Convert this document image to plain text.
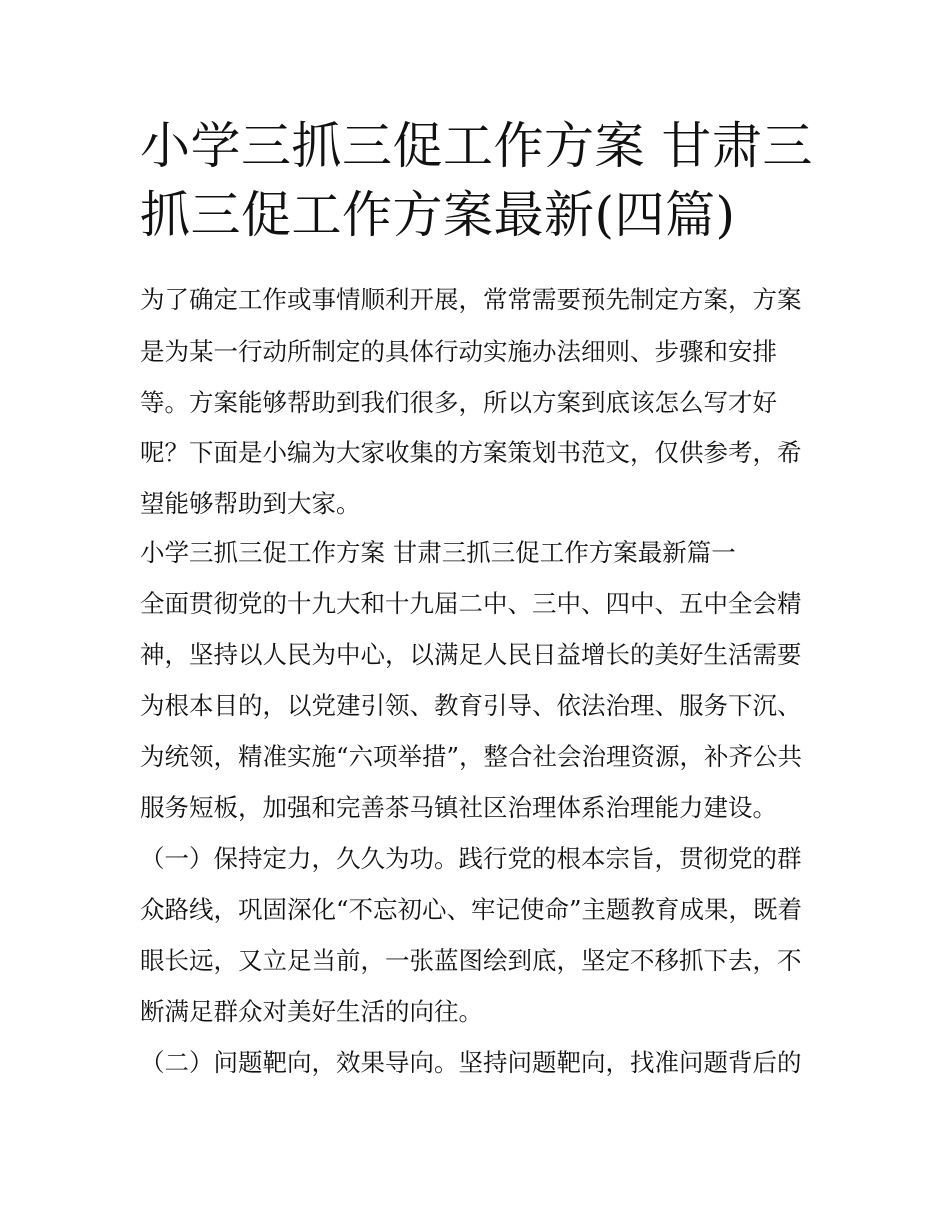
小学三抓三促工作方案 甘肃三
抓三促工作方案最新(四篇)
为了确定工作或事情顺利开展，常常需要预先制定方案，方案
是为某一行动所制定的具体行动实施办法细则、步骤和安排
等。方案能够帮助到我们很多，所以方案到底该怎么写才好
呢？下面是小编为大家收集的方案策划书范文，仅供参考，希
望能够帮助到大家。
小学三抓三促工作方案 甘肃三抓三促工作方案最新篇一
全面贯彻党的十九大和十九届二中、三中、四中、五中全会精
神，坚持以人民为中心，以满足人民日益增长的美好生活需要
为根本目的，以党建引领、教育引导、依法治理、服务下沉、
为统领，精准实施“六项举措”，整合社会治理资源，补齐公共
服务短板，加强和完善茶马镇社区治理体系治理能力建设。
（一）保持定力，久久为功。践行党的根本宗旨，贯彻党的群
众路线，巩固深化“不忘初心、牢记使命”主题教育成果，既着
眼长远，又立足当前，一张蓝图绘到底，坚定不移抓下去，不
断满足群众对美好生活的向往。
（二）问题靶向，效果导向。坚持问题靶向，找准问题背后的
